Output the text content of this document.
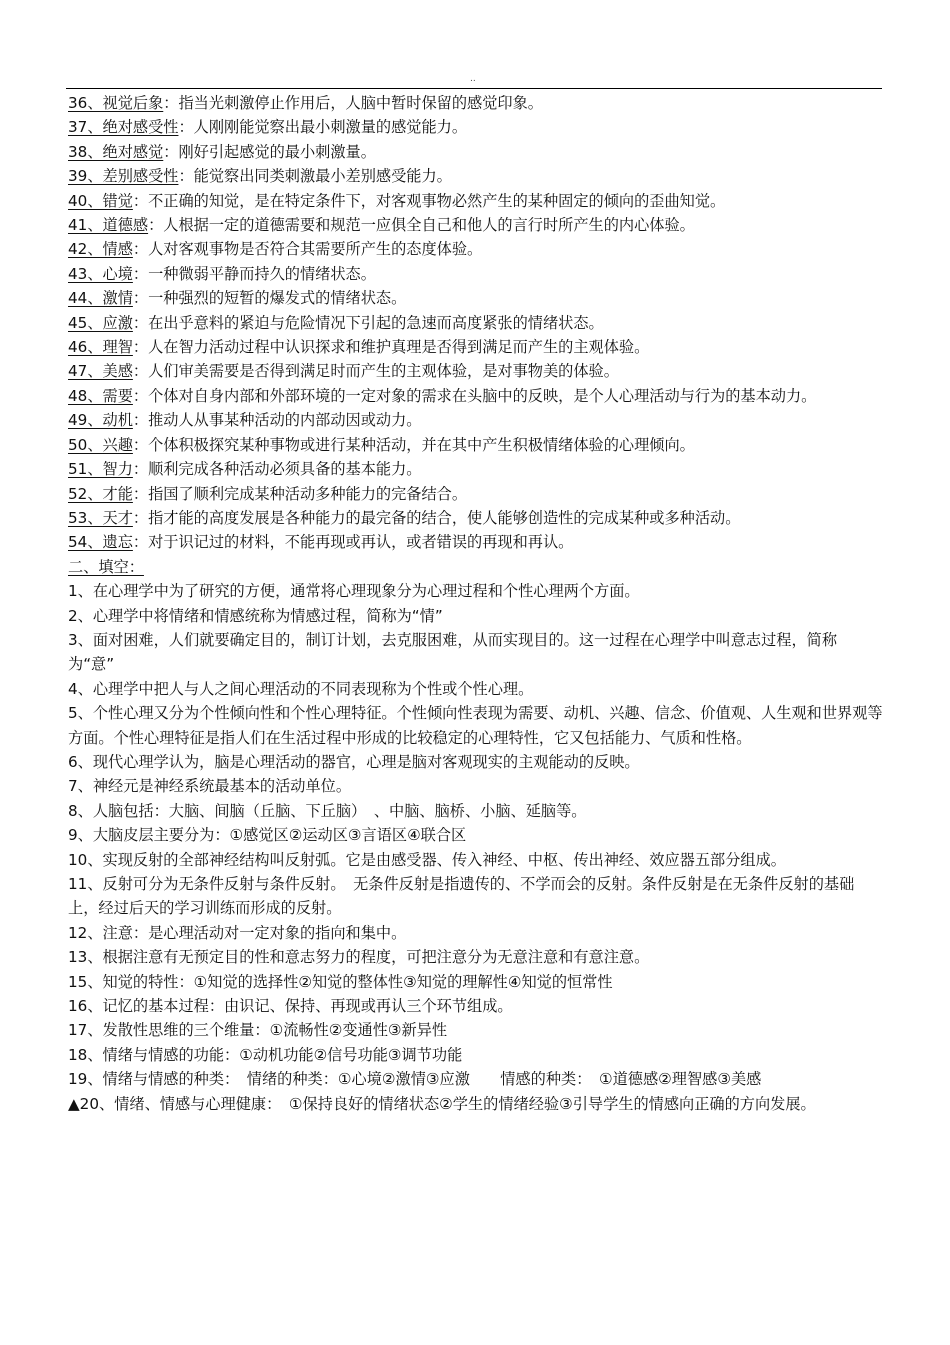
..

36、视觉后象：指当光刺激停止作用后，人脑中暂时保留的感觉印象。

37、绝对感受性：人刚刚能觉察出最小刺激量的感觉能力。

38、绝对感觉：刚好引起感觉的最小刺激量。

39、差别感受性：能觉察出同类刺激最小差别感受能力。

40、错觉：不正确的知觉，是在特定条件下，对客观事物必然产生的某种固定的倾向的歪曲知觉。

41、道德感：人根据一定的道德需要和规范一应俱全自己和他人的言行时所产生的内心体验。

42、情感：人对客观事物是否符合其需要所产生的态度体验。

43、心境：一种微弱平静而持久的情绪状态。

44、激情：一种强烈的短暂的爆发式的情绪状态。

45、应激：在出乎意料的紧迫与危险情况下引起的急速而高度紧张的情绪状态。

46、理智：人在智力活动过程中认识探求和维护真理是否得到满足而产生的主观体验。

47、美感：人们审美需要是否得到满足时而产生的主观体验，是对事物美的体验。

48、需要：个体对自身内部和外部环境的一定对象的需求在头脑中的反映，是个人心理活动与行为的基本动力。

49、动机：推动人从事某种活动的内部动因或动力。

50、兴趣：个体积极探究某种事物或进行某种活动，并在其中产生积极情绪体验的心理倾向。

51、智力：顺利完成各种活动必须具备的基本能力。

52、才能：指国了顺利完成某种活动多种能力的完备结合。

53、天才：指才能的高度发展是各种能力的最完备的结合，使人能够创造性的完成某种或多种活动。

54、遗忘：对于识记过的材料，不能再现或再认，或者错误的再现和再认。

二、填空：

1、在心理学中为了研究的方便，通常将心理现象分为心理过程和个性心理两个方面。

2、心理学中将情绪和情感统称为情感过程，简称为“情”

3、面对困难，人们就要确定目的，制订计划，去克服困难，从而实现目的。这一过程在心理学中叫意志过程，简称为“意”

4、心理学中把人与人之间心理活动的不同表现称为个性或个性心理。

5、个性心理又分为个性倾向性和个性心理特征。个性倾向性表现为需要、动机、兴趣、信念、价值观、人生观和世界观等方面。个性心理特征是指人们在生活过程中形成的比较稳定的心理特性，它又包括能力、气质和性格。

6、现代心理学认为，脑是心理活动的器官，心理是脑对客观现实的主观能动的反映。

7、神经元是神经系统最基本的活动单位。

8、人脑包括：大脑、间脑（丘脑、下丘脑）　、中脑、脑桥、小脑、延脑等。

9、大脑皮层主要分为：①感觉区②运动区③言语区④联合区

10、实现反射的全部神经结构叫反射弧。它是由感受器、传入神经、中枢、传出神经、效应器五部分组成。

11、反射可分为无条件反射与条件反射。　无条件反射是指遗传的、不学而会的反射。条件反射是在无条件反射的基础上，经过后天的学习训练而形成的反射。

12、注意：是心理活动对一定对象的指向和集中。

13、根据注意有无预定目的性和意志努力的程度，可把注意分为无意注意和有意注意。

15、知觉的特性：①知觉的选择性②知觉的整体性③知觉的理解性④知觉的恒常性

16、记忆的基本过程：由识记、保持、再现或再认三个环节组成。

17、发散性思维的三个维量：①流畅性②变通性③新异性

18、情绪与情感的功能：①动机功能②信号功能③调节功能

19、情绪与情感的种类：　情绪的种类：①心境②激情③应激　　情感的种类：　①道德感②理智感③美感

▲20、情绪、情感与心理健康：　①保持良好的情绪状态②学生的情绪经验③引导学生的情感向正确的方向发展。
